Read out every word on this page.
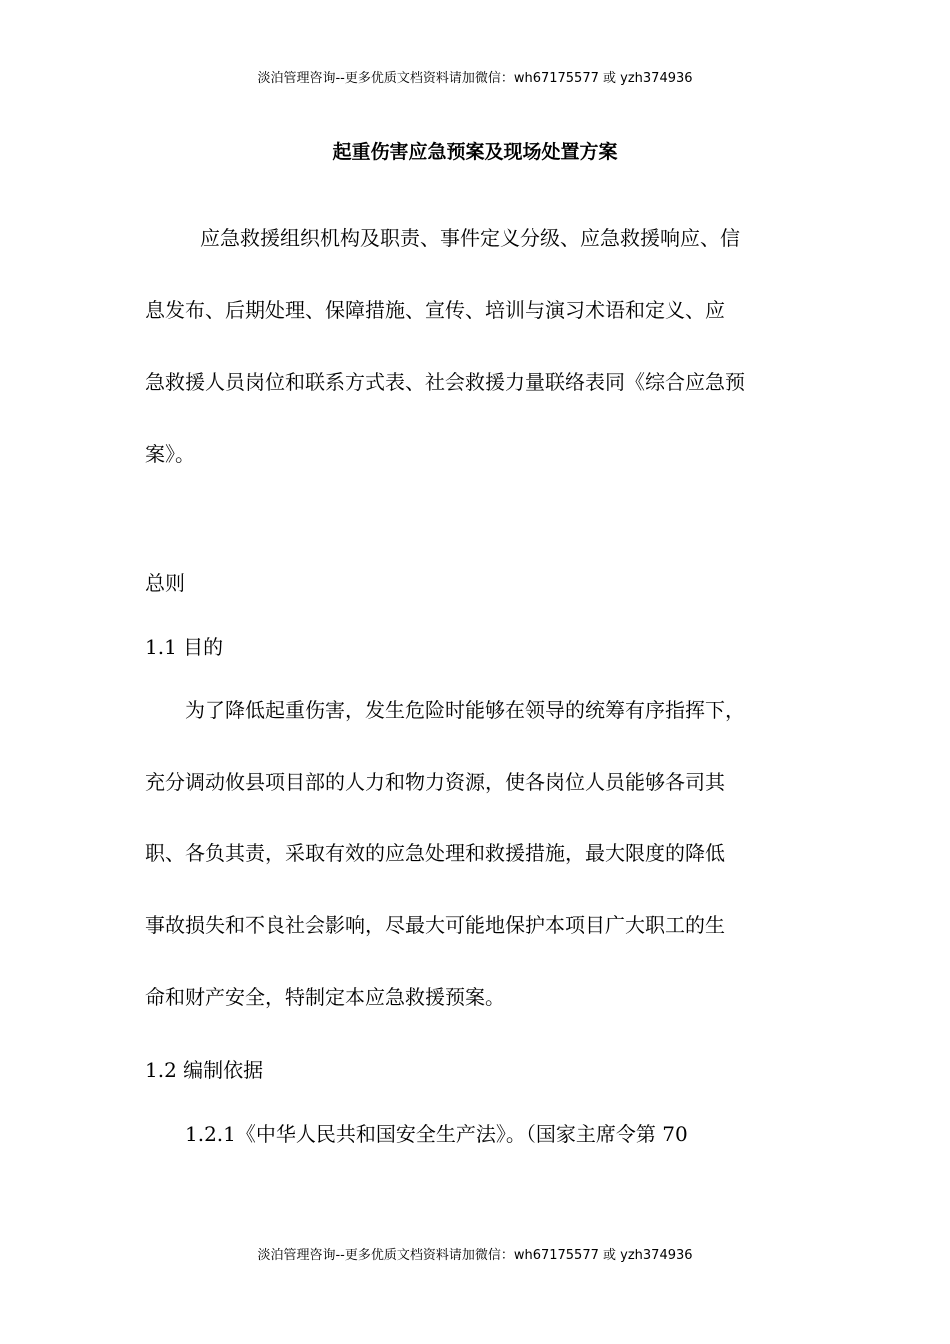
淡泊管理咨询--更多优质文档资料请加微信：wh67175577 或 yzh374936
起重伤害应急预案及现场处置方案
应急救援组织机构及职责、事件定义分级、应急救援响应、信
息发布、后期处理、保障措施、宣传、培训与演习术语和定义、应
急救援人员岗位和联系方式表、社会救援力量联络表同《综合应急预
案》。
总则
1.1 目的
为了降低起重伤害，发生危险时能够在领导的统筹有序指挥下，
充分调动攸县项目部的人力和物力资源，使各岗位人员能够各司其
职、各负其责，采取有效的应急处理和救援措施，最大限度的降低
事故损失和不良社会影响，尽最大可能地保护本项目广大职工的生
命和财产安全，特制定本应急救援预案。
1.2 编制依据
1.2.1《中华人民共和国安全生产法》。（国家主席令第 70
淡泊管理咨询--更多优质文档资料请加微信：wh67175577 或 yzh374936
